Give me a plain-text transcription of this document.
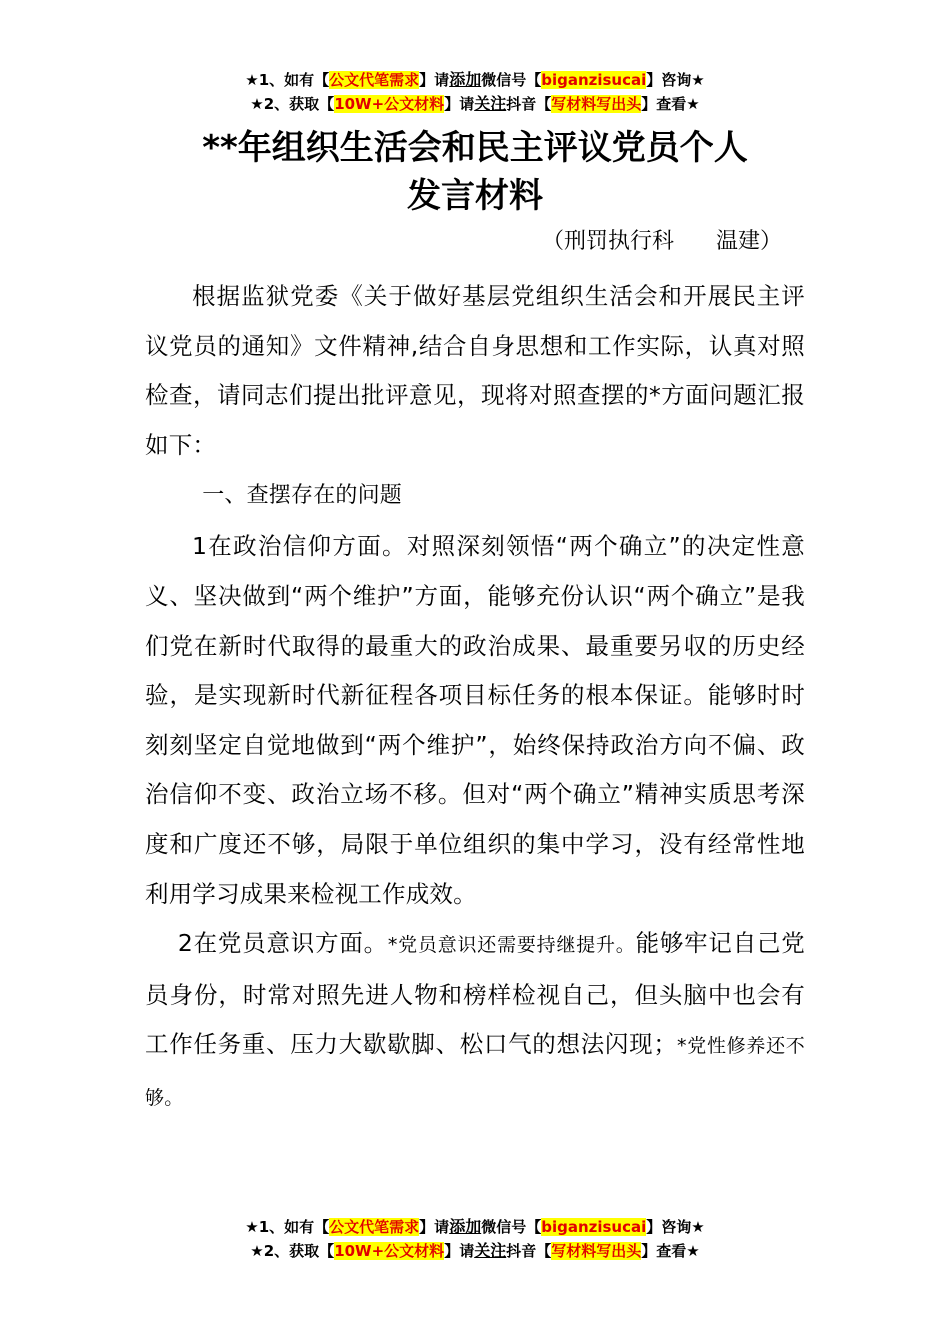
★1、如有【公文代笔需求】请添加微信号【biganzisucai】咨询★
★2、获取【10W+公文材料】请关注抖音【写材料写出头】查看★
**年组织生活会和民主评议党员个人
发言材料
（刑罚执行科      温建）

根据监狱党委《关于做好基层党组织生活会和开展民主评议党员的通知》文件精神,结合自身思想和工作实际，认真对照检查，请同志们提出批评意见，现将对照查摆的*方面问题汇报如下：

一、查摆存在的问题

1在政治信仰方面。对照深刻领悟“两个确立”的决定性意义、坚决做到“两个维护”方面，能够充份认识“两个确立”是我们党在新时代取得的最重大的政治成果、最重要另収的历史经验，是实现新时代新征程各项目标任务的根本保证。能够时时刻刻坚定自觉地做到“两个维护”，始终保持政治方向不偏、政治信仰不变、政治立场不移。但对“两个确立”精神实质思考深度和广度还不够，局限于单位组织的集中学习，没有经常性地利用学习成果来检视工作成效。

2在党员意识方面。*党员意识还需要持继提升。能够牢记自己党员身份，时常对照先进人物和榜样检视自己，但头脑中也会有工作任务重、压力大歇歇脚、松口气的想法闪现；*党性修养还不够。

★1、如有【公文代笔需求】请添加微信号【biganzisucai】咨询★
★2、获取【10W+公文材料】请关注抖音【写材料写出头】查看★
